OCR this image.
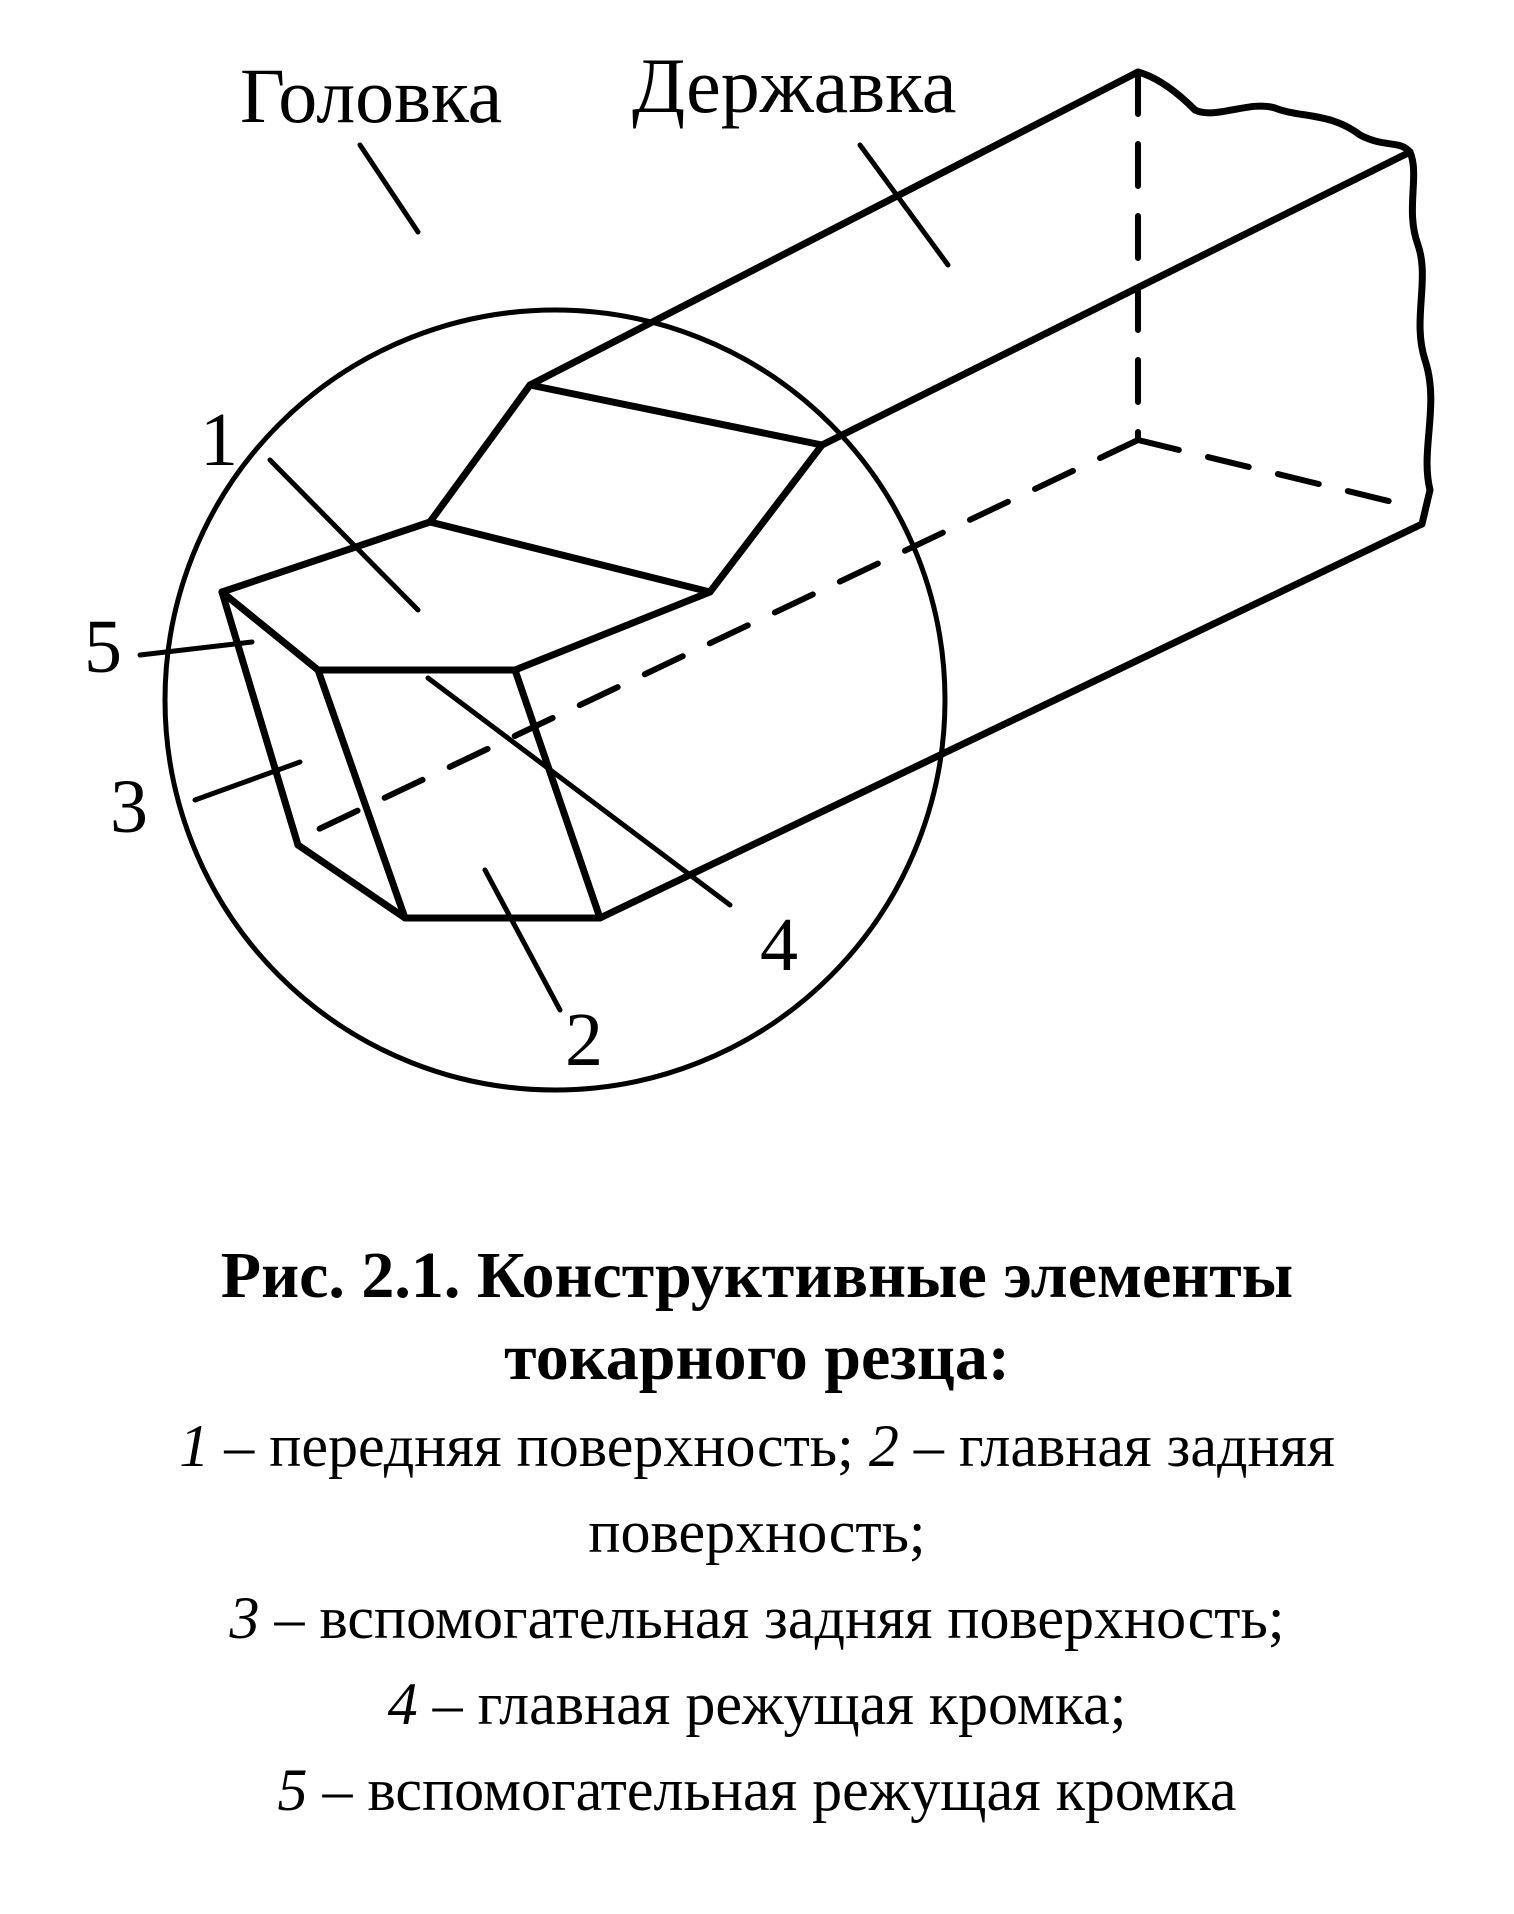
Головка Державка
1
5
3
4
2

Рис. 2.1. Конструктивные элементы
токарного резца:

1 – передняя поверхность; 2 – главная задняя поверхность;
3 – вспомогательная задняя поверхность;
4 – главная режущая кромка;
5 – вспомогательная режущая кромка
